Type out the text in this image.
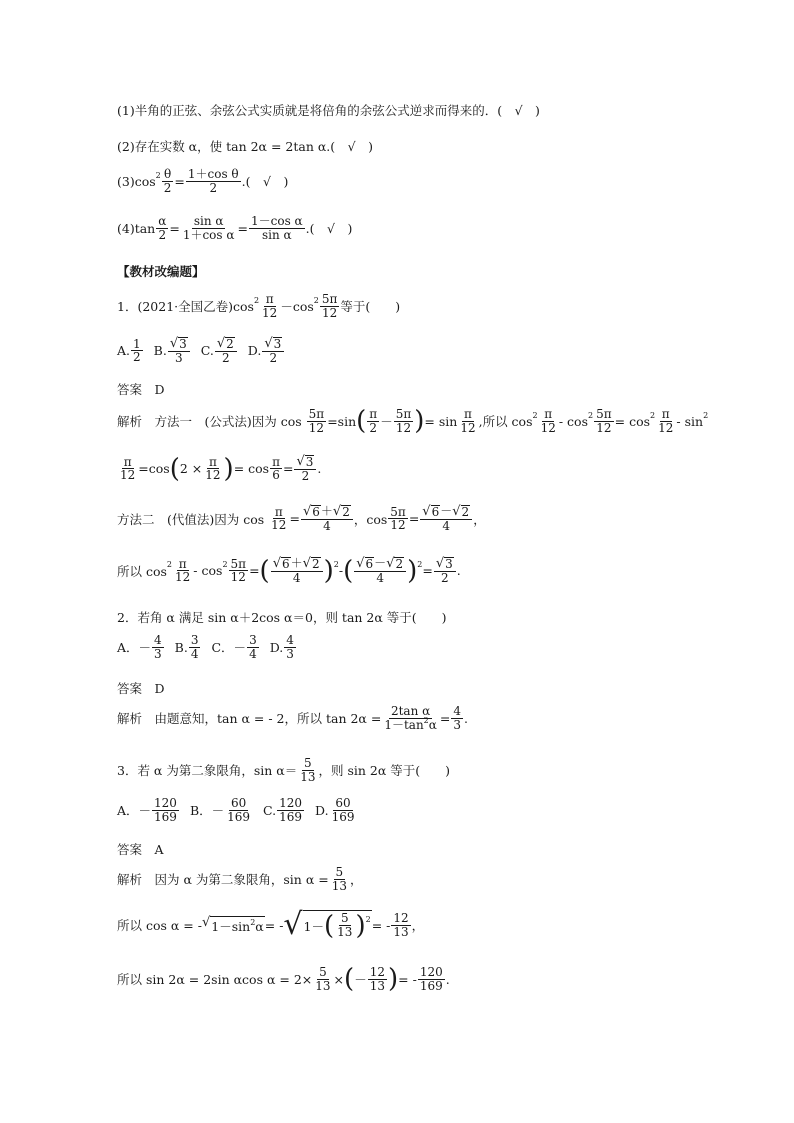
(1)半角的正弦、余弦公式实质就是将倍角的余弦公式逆求而得来的．(　√　)
(2)存在实数 α，使 tan 2α = 2tan α.(　√　)
(3)cos $2 \frac{\theta}{2} = \frac{\text{1＋cos θ}}{2}$ .(　√　)
$(4)\tan \frac{\alpha}{2} = \frac{\text{sin α}}{\text{1＋cos α}} = \frac{\text{1－cos α}}{\text{sin α}}$ .(　√　)
【教材改编题】
1．(2021·全国乙卷)cos $2 \frac{\pi}{12} -\cos$ $2 \frac{5\pi}{12}$ 等于(　　)
A. $\frac{1}{2} B$. $\frac{√ 3}{3} C$. $\frac{√ 2}{2} D$. $\frac{√ 3}{2}$
答案　D
解析　方法一　(公式法)因为 $\cos \frac{5\pi}{12} =\sin$ ( $\frac{\pi}{2} - \frac{5\pi}{12}$ ) = $\sin \frac{\pi}{12}$ ,所以 $\cos 2 \frac{\pi}{12} - \cos 2 \frac{5\pi}{12} = \cos 2 \frac{\pi}{12} - \sin 2$
$\frac{\pi}{12} =\cos$ ( $2 \times \frac{\pi}{12}$ ) = $\cos \frac{\pi}{6} = \frac{√ 3}{2}$ .
方法二　(代值法)因为 $\cos \frac{\pi}{12} = \frac{√ 6 + √ 2}{4}$ ，$\cos \frac{5\pi}{12} = \frac{√ 6 - √ 2}{4}$ ，
所以 $\cos 2 \frac{\pi}{12}$ - $\cos 2 \frac{5\pi}{12}$ = ( $\frac{√ 6 + √ 2}{4}$ ) 2 - ( $\frac{√ 6 - √ 2}{4}$ ) $2 = \frac{√ 3}{2}$ .
2．若角 α 满足 sin α＋2cos α＝0，则 tan 2α 等于(　　)
A．－ $\frac{4}{3} B$. $\frac{3}{4}$ C．－ $\frac{3}{4} D$. $\frac{4}{3}$
答案　D
解析　由题意知，tan α = - 2，所以 $\tan 2\alpha = \frac{\text{2tan α}}{1-\tan^2\alpha} = \frac{4}{3}$ .
3．若 α 为第二象限角，$\sin \alpha= \frac{5}{13}$ ，则 sin 2α 等于(　　)
A．－ $\frac{120}{169}$ B．－ $\frac{60}{169} C$. $\frac{120}{169} D$. $\frac{60}{169}$
答案　A
解析　因为 α 为第二象限角，$\sin \alpha = \frac{5}{13}$ ，
所以 cos α = - √ $1-\sin^2\alpha$ = - √ 1－ ( $\frac{5}{13}$ ) 2 = - $\frac{12}{13}$ ，
所以 sin 2α = 2sin αcos $\alpha = 2\times \frac{5}{13}$ × ( － $\frac{12}{13}$ ) = - $\frac{120}{169}$ .
